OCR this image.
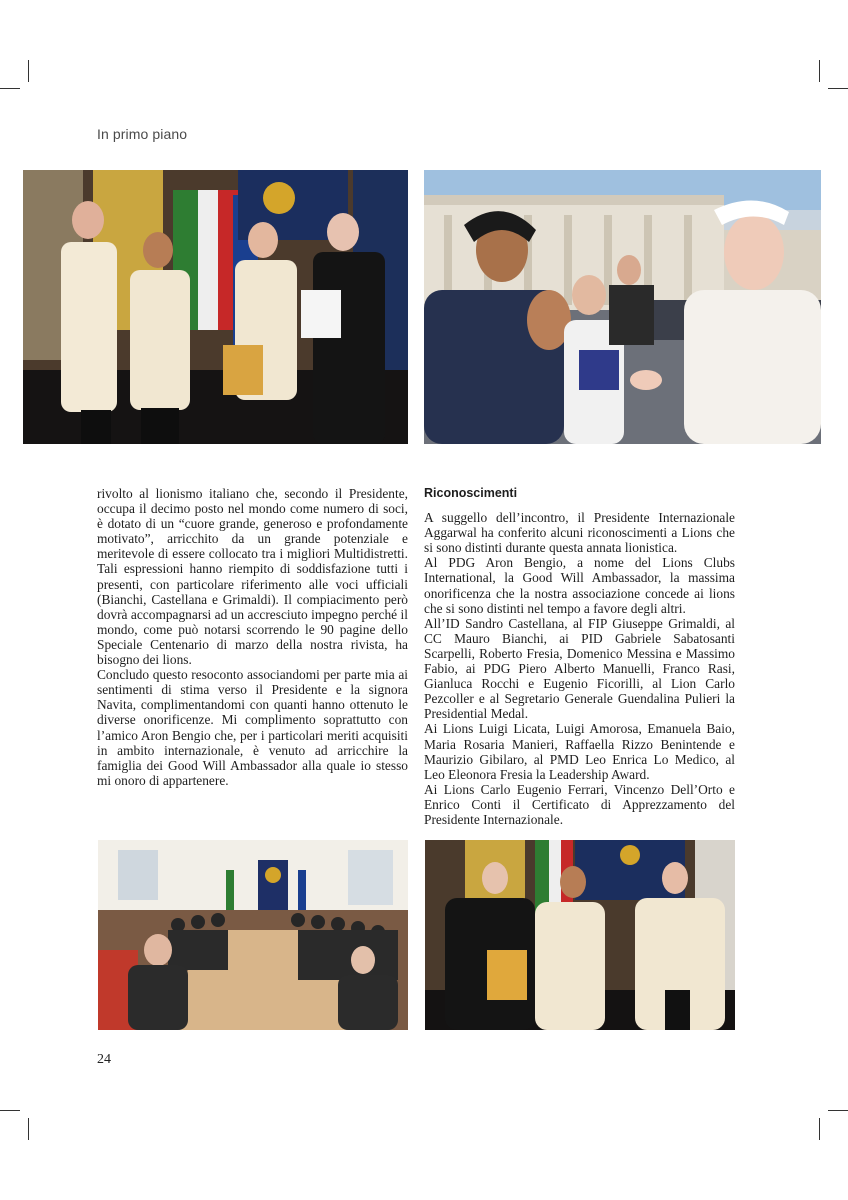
In primo piano

rivolto al lionismo italiano che, secondo il Presidente, occupa il decimo posto nel mondo come numero di soci, è dotato di un “cuore grande, generoso e profondamente motivato”, arricchito da un grande potenziale e meritevole di essere collocato tra i migliori Multidistretti. Tali espressioni hanno riempito di soddisfazione tutti i presenti, con particolare riferimento alle voci ufficiali (Bianchi, Castellana e Grimaldi). Il compiacimento però dovrà accompagnarsi ad un accresciuto impegno perché il mondo, come può notarsi scorrendo le 90 pagine dello Speciale Centenario di marzo della nostra rivista, ha bisogno dei lions.

Concludo questo resoconto associandomi per parte mia ai sentimenti di stima verso il Presidente e la signora Navita, complimentandomi con quanti hanno ottenuto le diverse onorificenze. Mi complimento soprattutto con l’amico Aron Bengio che, per i particolari meriti acquisiti in ambito internazionale, è venuto ad arricchire la famiglia dei Good Will Ambassador alla quale io stesso mi onoro di appartenere.

Riconoscimenti

A suggello dell’incontro, il Presidente Internazionale Aggarwal ha conferito alcuni riconoscimenti a Lions che si sono distinti durante questa annata lionistica.

Al PDG Aron Bengio, a nome del Lions Clubs International, la Good Will Ambassador, la massima onorificenza che la nostra associazione concede ai lions che si sono distinti nel tempo a favore degli altri.

All’ID Sandro Castellana, al FIP Giuseppe Grimaldi, al CC Mauro Bianchi, ai PID Gabriele Sabatosanti Scarpelli, Roberto Fresia, Domenico Messina e Massimo Fabio, ai PDG Piero Alberto Manuelli, Franco Rasi, Gianluca Rocchi e Eugenio Ficorilli, al Lion Carlo Pezcoller e al Segretario Generale Guendalina Pulieri la Presidential Medal.

Ai Lions Luigi Licata, Luigi Amorosa, Emanuela Baio, Maria Rosaria Manieri, Raffaella Rizzo Benintende e Maurizio Gibilaro, al PMD Leo Enrica Lo Medico, al Leo Eleonora Fresia la Leadership Award.

Ai Lions Carlo Eugenio Ferrari, Vincenzo Dell’Orto e Enrico Conti il Certificato di Apprezzamento del Presidente Internazionale.

24
